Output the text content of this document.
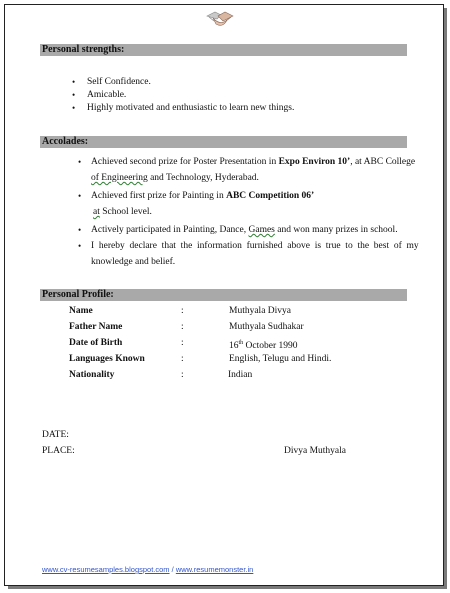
Personal strengths:
• Self Confidence.
• Amicable.
• Highly motivated and enthusiastic to learn new things.
Accolades:
• Achieved second prize for Poster Presentation in Expo Environ 10’, at ABC College
of Engineering and Technology, Hyderabad.
• Achieved first prize for Painting in ABC Competition 06’
at School level.
• Actively participated in Painting, Dance, Games and won many prizes in school.
• I  hereby  declare  that  the  information  furnished  above  is  true  to  the  best  of  my
knowledge and belief.
Personal Profile:
Name	:	Muthyala Divya
Father Name	:	Muthyala Sudhakar
Date of Birth	:	16th October 1990
Languages Known	:	English, Telugu and Hindi.
Nationality	:	Indian
DATE:
PLACE:	Divya Muthyala
www.cv-resumesamples.blogspot.com / www.resumemonster.in
